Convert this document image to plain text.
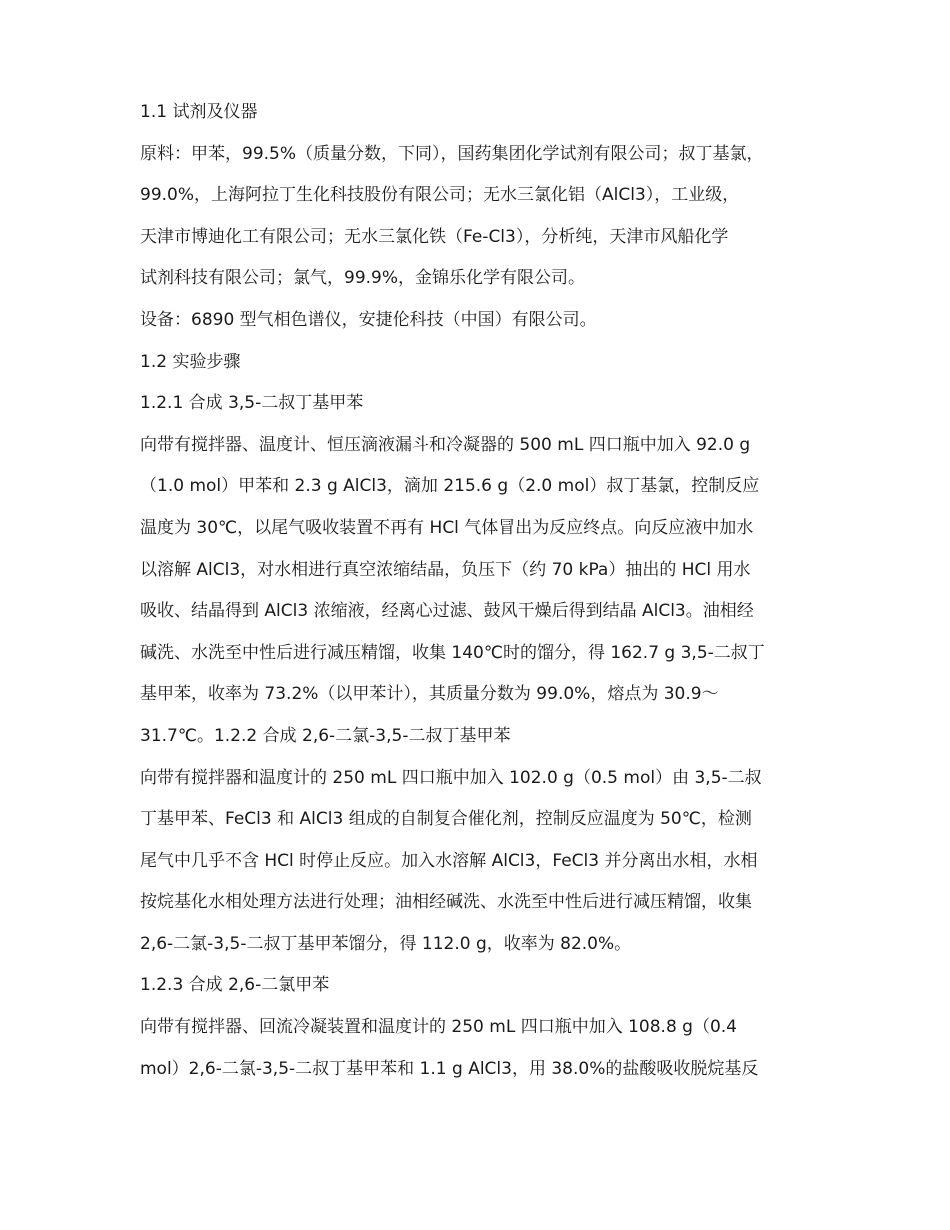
1.1 试剂及仪器
原料：甲苯，99.5%（质量分数，下同），国药集团化学试剂有限公司；叔丁基氯，
99.0%，上海阿拉丁生化科技股份有限公司；无水三氯化铝（AlCl3），工业级，
天津市博迪化工有限公司；无水三氯化铁（Fe-Cl3），分析纯，天津市风船化学
试剂科技有限公司；氯气，99.9%，金锦乐化学有限公司。
设备：6890 型气相色谱仪，安捷伦科技（中国）有限公司。
1.2 实验步骤
1.2.1 合成 3,5-二叔丁基甲苯
向带有搅拌器、温度计、恒压滴液漏斗和冷凝器的 500 mL 四口瓶中加入 92.0 g
（1.0 mol）甲苯和 2.3 g AlCl3，滴加 215.6 g（2.0 mol）叔丁基氯，控制反应
温度为 30℃，以尾气吸收装置不再有 HCl 气体冒出为反应终点。向反应液中加水
以溶解 AlCl3，对水相进行真空浓缩结晶，负压下（约 70 kPa）抽出的 HCl 用水
吸收、结晶得到 AlCl3 浓缩液，经离心过滤、鼓风干燥后得到结晶 AlCl3。油相经
碱洗、水洗至中性后进行减压精馏，收集 140℃时的馏分，得 162.7 g 3,5-二叔丁
基甲苯，收率为 73.2%（以甲苯计），其质量分数为 99.0%，熔点为 30.9～
31.7℃。1.2.2 合成 2,6-二氯-3,5-二叔丁基甲苯
向带有搅拌器和温度计的 250 mL 四口瓶中加入 102.0 g（0.5 mol）由 3,5-二叔
丁基甲苯、FeCl3 和 AlCl3 组成的自制复合催化剂，控制反应温度为 50℃，检测
尾气中几乎不含 HCl 时停止反应。加入水溶解 AlCl3，FeCl3 并分离出水相，水相
按烷基化水相处理方法进行处理；油相经碱洗、水洗至中性后进行减压精馏，收集
2,6-二氯-3,5-二叔丁基甲苯馏分，得 112.0 g，收率为 82.0%。
1.2.3 合成 2,6-二氯甲苯
向带有搅拌器、回流冷凝装置和温度计的 250 mL 四口瓶中加入 108.8 g（0.4
mol）2,6-二氯-3,5-二叔丁基甲苯和 1.1 g AlCl3，用 38.0%的盐酸吸收脱烷基反
